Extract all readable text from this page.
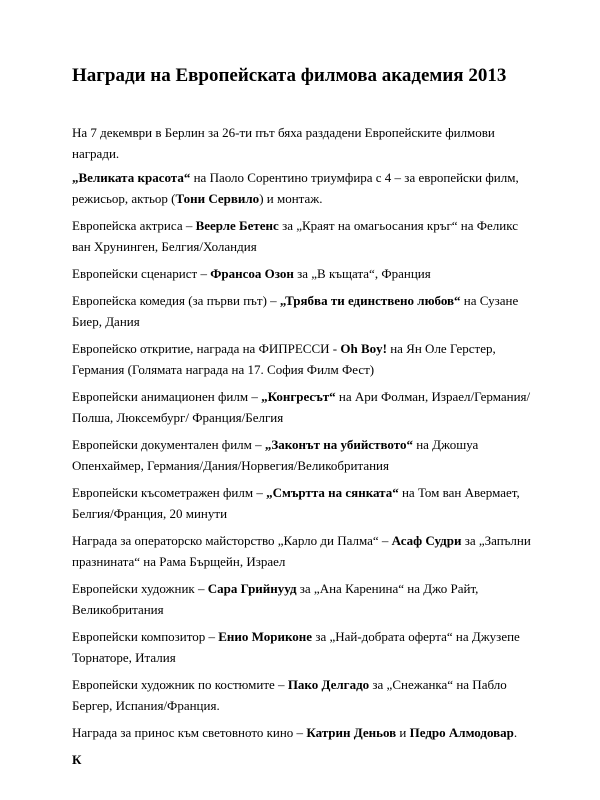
Награди на Европейската филмова академия 2013

На 7 декември в Берлин за 26-ти път бяха раздадени Европейските филмови награди.

„Великата красота“ на Паоло Сорентино триумфира с 4 – за европейски филм, режисьор, актьор (Тони Сервило) и монтаж.

Европейска актриса – Веерле Бетенс за „Краят на омагьосания кръг“ на Феликс ван Хрунинген, Белгия/Холандия

Европейски сценарист – Франсоа Озон за „В къщата“, Франция

Европейска комедия (за първи път) – „Трябва ти единствено любов“ на Сузане Биер, Дания

Европейско откритие, награда на ФИПРЕССИ - Oh Boy! на Ян Оле Герстер, Германия (Голямата награда на 17. София Филм Фест)

Европейски анимационен филм – „Конгресът“ на Ари Фолман, Израел/Германия/Полша, Люксембург/ Франция/Белгия

Европейски документален филм – „Законът на убийството“ на Джошуа Опенхаймер, Германия/Дания/Норвегия/Великобритания

Европейски късометражен филм – „Смъртта на сянката“ на Том ван Авермает, Белгия/Франция, 20 минути

Награда за операторско майсторство „Карло ди Палма“ – Асаф Судри за „Запълни празнината“ на Рама Бърщейн, Израел

Европейски художник – Сара Грийнууд за „Ана Каренина“ на Джо Райт, Великобритания

Европейски композитор – Енио Мориконе за „Най-добрата оферта“ на Джузепе Торнаторе, Италия

Европейски художник по костюмите – Пако Делгадо за „Снежанка“ на Пабло Бергер, Испания/Франция.

Награда за принос към световното кино – Катрин Деньов и Педро Алмодовар.

К
